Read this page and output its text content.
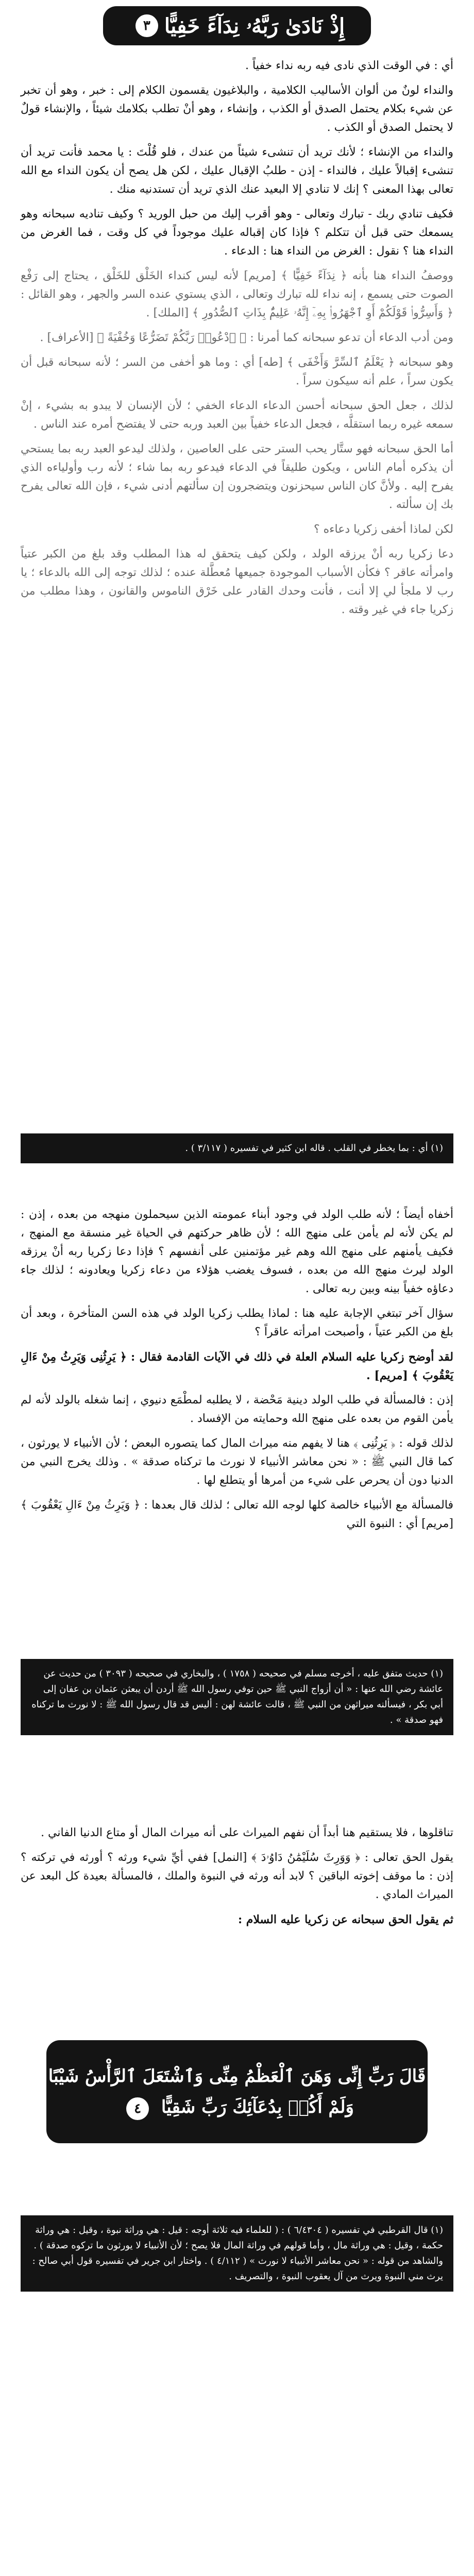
إِذْ نَادَىٰ رَبَّهُۥ نِدَآءً خَفِيًّا
٣

أي : في الوقت الذي نادى فيه ربه نداء خفياً .

والنداء لونٌ من ألوان الأساليب الكلامية ، والبلاغيون يقسمون الكلام إلى : خبر ، وهو أن تخبر عن شيء بكلام يحتمل الصدق أو الكذب ، وإنشاء ، وهو أنْ تطلب بكلامك شيئاً ، والإنشاء قولٌ لا يحتمل الصدق أو الكذب .

والنداء من الإنشاء ؛ لأنك تريد أن تنشىء شيئاً من عندك ، فلو قُلْتَ : يا محمد فأنت تريد أن تنشىء إقبالاً عليك ، فالنداء - إذن - طلبُ الإقبال عليك ، لكن هل يصح أن يكون النداء مع الله تعالى بهذا المعنى ؟ إنك لا تنادي إلا البعيد عنك الذي تريد أن تستدنيه منك .

فكيف تنادي ربك - تبارك وتعالى - وهو أقرب إليك من حبل الوريد ؟ وكيف تناديه سبحانه وهو يسمعك حتى قبل أن تتكلم ؟ فإذا كان إقباله عليك موجوداً في كل وقت ، فما الغرض من النداء هنا ؟ نقول : الغرض من النداء هنا : الدعاء .

ووصفُ النداء هنا بأنه ﴿ نِدَآءً خَفِيًّا ﴾ [مريم] لأنه ليس كنداء الخَلْق للخَلْق ، يحتاج إلى رَفْع الصوت حتى يسمع ، إنه نداء لله تبارك وتعالى ، الذي يستوي عنده السر والجهر ، وهو القائل : ﴿ وَأَسِرُّوا۟ قَوْلَكُمْ أَوِ ٱجْهَرُوا۟ بِهِۦٓ إِنَّهُۥ عَلِيمٌۢ بِذَاتِ ٱلصُّدُورِ ﴾ [الملك] .

ومن أدب الدعاء أن تدعو سبحانه كما أمرنا : ﴿ ٱدْعُوا۟ رَبَّكُمْ تَضَرُّعًا وَخُفْيَةً ﴾ [الأعراف] .

وهو سبحانه ﴿ يَعْلَمُ ٱلسِّرَّ وَأَخْفَى ﴾ [طه] أي : وما هو أخفى من السر ؛ لأنه سبحانه قبل أن يكون سراً ، علم أنه سيكون سراً .

لذلك ، جعل الحق سبحانه أحسن الدعاء الدعاء الخفي ؛ لأن الإنسان لا يبدو به بشيء ، إنْ سمعه غيره ربما استقلَّه ، فجعل الدعاء خفياً بين العبد وربه حتى لا يفتضح أمره عند الناس .

أما الحق سبحانه فهو ستَّار يحب الستر حتى على العاصين ، ولذلك ليدعو العبد ربه بما يستحي أن يذكره أمام الناس ، ويكون طليقاً في الدعاء فيدعو ربه بما شاء ؛ لأنه رب وأولياءه الذي يفرح إليه . ولأنَّ كان الناس سيحزنون ويتضجرون إن سألتهم أدنى شيء ، فإن الله تعالى يفرح بك إن سألته .

لكن لماذا أخفى زكريا دعاءه ؟

دعا زكريا ربه أنْ يرزقه الولد ، ولكن كيف يتحقق له هذا المطلب وقد بلغ من الكبر عتياً وامرأته عاقر ؟ فكأن الأسباب الموجودة جميعها مُعطَّلة عنده ؛ لذلك توجه إلى الله بالدعاء ؛ يا رب لا ملجأ لي إلا أنت ، فأنت وحدك القادر على خَرْق الناموس والقانون ، وهذا مطلب من زكريا جاء في غير وقته .

(١) أي : بما يخطر في القلب . قاله ابن كثير في تفسيره ( ٣/١١٧ ) .

أخفاه أيضاً ؛ لأنه طلب الولد في وجود أبناء عمومته الذين سيحملون منهجه من بعده ، إذن : لم يكن لأنه لم يأمن على منهج الله ؛ لأن ظاهر حركتهم في الحياة غير منسقة مع المنهج ، فكيف يأمنهم على منهج الله وهم غير مؤتمنين على أنفسهم ؟ فإذا دعا زكريا ربه أنْ يرزقه الولد ليرث منهج الله من بعده ، فسوف يغضب هؤلاء من دعاء زكريا ويعادونه ؛ لذلك جاء دعاؤه خفياً بينه وبين ربه تعالى .

سؤال آخر تبتغي الإجابة عليه هنا : لماذا يطلب زكريا الولد في هذه السن المتأخرة ، وبعد أن بلغ من الكبر عتياً ، وأصبحت امرأته عاقراً ؟

لقد أوضح زكريا عليه السلام العلة في ذلك في الآيات القادمة فقال : ﴿ يَرِثُنِى وَيَرِثُ مِنْ ءَالِ يَعْقُوبَ ﴾ [مريم] .

إذن : فالمسألة في طلب الولد دينية مَحْضة ، لا يطلبه لمطْمَع دنيوي ، إنما شغله بالولد لأنه لم يأمن القوم من بعده على منهج الله وحمايته من الإفساد .

لذلك قوله : ﴿ يَرِثُنِى ﴾ هنا لا يفهم منه ميراث المال كما يتصوره البعض ؛ لأن الأنبياء لا يورثون ، كما قال النبي ﷺ : « نحن معاشر الأنبياء لا نورث ما تركناه صدقة » . وذلك يخرج النبي من الدنيا دون أن يحرص على شيء من أمرها أو يتطلع لها .

فالمسألة مع الأنبياء خالصة كلها لوجه الله تعالى ؛ لذلك قال بعدها : ﴿ وَيَرِثُ مِنْ ءَالِ يَعْقُوبَ ﴾ [مريم] أي : النبوة التي

(١) حديث متفق عليه ، أخرجه مسلم في صحيحه ( ١٧٥٨ ) ، والبخاري في صحيحه ( ٣٠٩٣ ) من حديث عن عائشة رضي الله عنها : « أن أزواج النبي ﷺ حين توفي رسول الله ﷺ أردن أن يبعثن عثمان بن عفان إلى أبي بكر ، فيسألنه ميراثهن من النبي ﷺ ، قالت عائشة لهن : أليس قد قال رسول الله ﷺ : لا نورث ما تركناه فهو صدقة » .

تناقلوها ، فلا يستقيم هنا أبداً أن نفهم الميراث على أنه ميراث المال أو متاع الدنيا الفاني .

يقول الحق تعالى : ﴿ وَوَرِثَ سُلَيْمَٰنُ دَاوُۥدَ ﴾ [النمل] ففي أيِّ شيء ورثه ؟ أورثه في تركته ؟ إذن : ما موقف إخوته الباقين ؟ لابد أنه ورثه في النبوة والملك ، فالمسألة بعيدة كل البعد عن الميراث المادي .

ثم يقول الحق سبحانه عن زكريا عليه السلام :

قَالَ رَبِّ إِنِّى وَهَنَ ٱلْعَظْمُ مِنِّى وَٱشْتَعَلَ ٱلرَّأْسُ شَيْبًا
وَلَمْ أَكُنۢ بِدُعَآئِكَ رَبِّ شَقِيًّا ٤
(١) قال القرطبي في تفسيره ( ٦/٤٣٠٤ ) : ( للعلماء فيه ثلاثة أوجه : قيل : هي وراثة نبوة ، وقيل : هي وراثة حكمة ، وقيل : هي وراثة مال ، وأما قولهم في وراثة المال فلا يصح ؛ لأن الأنبياء لا يورثون ما تركوه صدقة ) . والشاهد من قوله : « نحن معاشر الأنبياء لا نورث » ( ٤/١١٢ ) . واختار ابن جرير في تفسيره قول أبي صالح : يرث مني النبوة ويرث من آل يعقوب النبوة ، والتصريف .
